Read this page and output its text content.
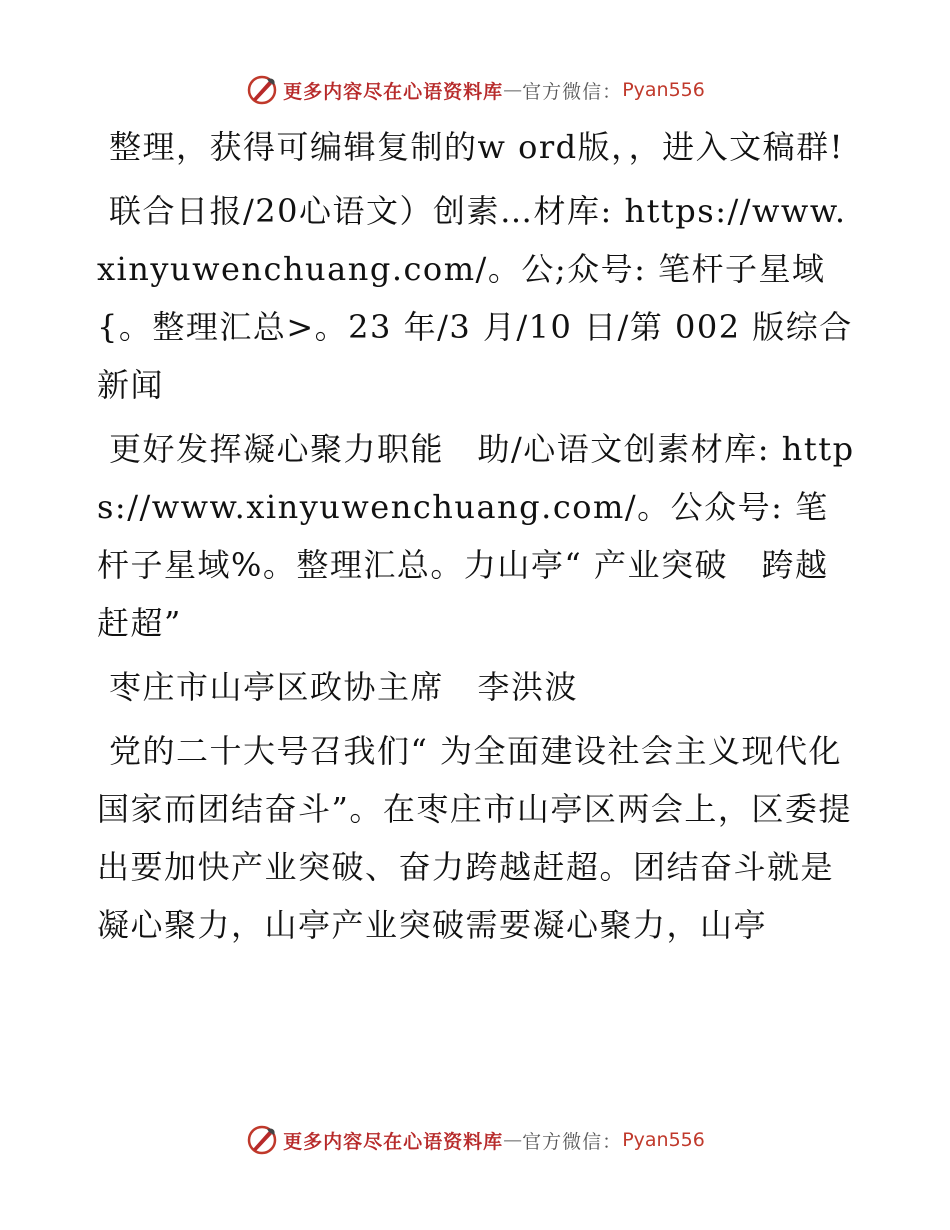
更多内容尽在心语资料库 — 官方微信： Pyan556

整理，获得可编辑复制的w ord版，，进入文稿群!

联合日报/20心语文）创素…材库: https://www.xinyuwenchuang.com/。公;众号: 笔杆子星域{。整理汇总>。23 年/3 月/10 日/第 002 版综合新闻

更好发挥凝心聚力职能　助/心语文创素材库: https://www.xinyuwenchuang.com/。公众号: 笔杆子星域%。整理汇总。力山亭“ 产业突破　跨越赶超”

枣庄市山亭区政协主席　李洪波

党的二十大号召我们“ 为全面建设社会主义现代化国家而团结奋斗”。在枣庄市山亭区两会上，区委提出要加快产业突破、奋力跨越赶超。团结奋斗就是凝心聚力，山亭产业突破需要凝心聚力，山亭

更多内容尽在心语资料库 — 官方微信： Pyan556
